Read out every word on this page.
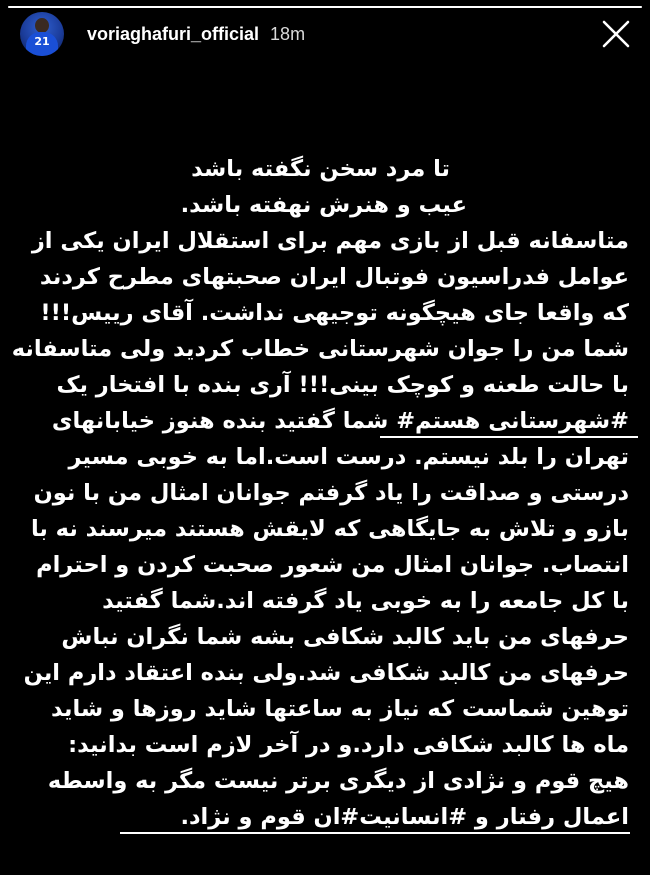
21	voriaghafuri_official 18m
تا مرد سخن نگفته باشد
عیب و هنرش نهفته باشد.
متاسفانه قبل از بازی مهم برای استقلال ایران یکی از
عوامل فدراسیون فوتبال ایران صحبتهای مطرح کردند
که واقعا جای هیچگونه توجیهی نداشت. آقای رییس!!!
شما من را جوان شهرستانی خطاب کردید ولی متاسفانه
با حالت طعنه و کوچک بینی!!! آری بنده با افتخار یک
#شهرستانی هستم# شما گفتید بنده هنوز خیابانهای
تهران را بلد نیستم. درست است.اما به خوبی مسیر
درستی و صداقت را یاد گرفتم جوانان امثال من با نون
بازو و تلاش به جایگاهی که لایقش هستند میرسند نه با
انتصاب. جوانان امثال من شعور صحبت کردن و احترام
با کل جامعه را به خوبی یاد گرفته اند.شما گفتید
حرفهای من باید کالبد شکافی بشه شما نگران نباش
حرفهای من کالبد شکافی شد.ولی بنده اعتقاد دارم این
توهین شماست که نیاز به ساعتها شاید روزها و شاید
ماه ها کالبد شکافی دارد.و در آخر لازم است بدانید:
هیچ قوم و نژادی از دیگری برتر نیست مگر به واسطه
اعمال رفتار و #انسانیت#ان قوم و نژاد.
